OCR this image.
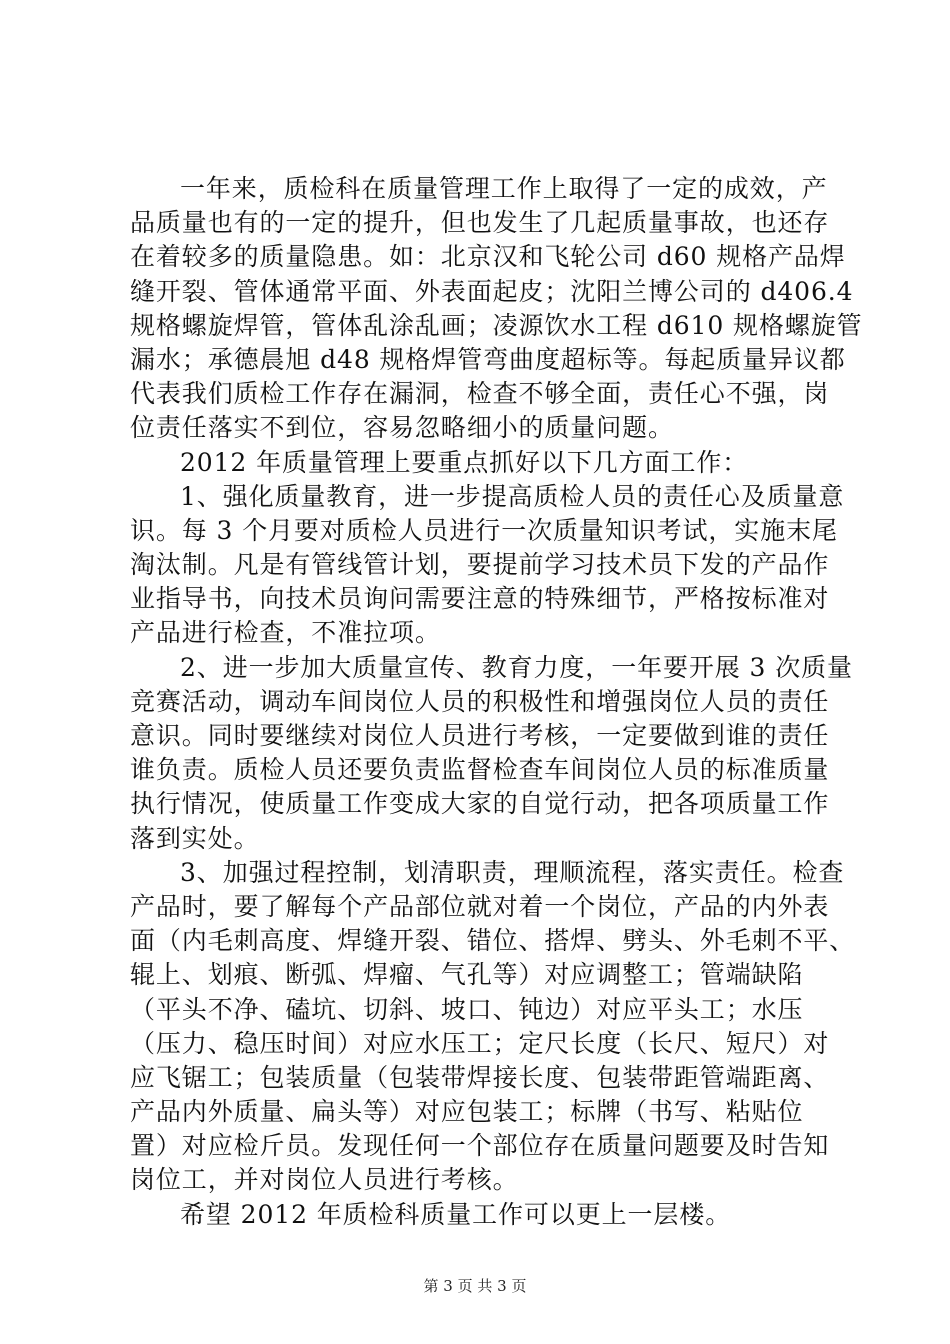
一年来，质检科在质量管理工作上取得了一定的成效，产
品质量也有的一定的提升，但也发生了几起质量事故，也还存
在着较多的质量隐患。如：北京汉和飞轮公司 d60 规格产品焊
缝开裂、管体通常平面、外表面起皮；沈阳兰博公司的 d406.4
规格螺旋焊管，管体乱涂乱画；凌源饮水工程 d610 规格螺旋管
漏水；承德晨旭 d48 规格焊管弯曲度超标等。每起质量异议都
代表我们质检工作存在漏洞，检查不够全面，责任心不强，岗
位责任落实不到位，容易忽略细小的质量问题。
2012 年质量管理上要重点抓好以下几方面工作：
1、强化质量教育，进一步提高质检人员的责任心及质量意
识。每 3 个月要对质检人员进行一次质量知识考试，实施末尾
淘汰制。凡是有管线管计划，要提前学习技术员下发的产品作
业指导书，向技术员询问需要注意的特殊细节，严格按标准对
产品进行检查，不准拉项。
2、进一步加大质量宣传、教育力度，一年要开展 3 次质量
竞赛活动，调动车间岗位人员的积极性和增强岗位人员的责任
意识。同时要继续对岗位人员进行考核，一定要做到谁的责任
谁负责。质检人员还要负责监督检查车间岗位人员的标准质量
执行情况，使质量工作变成大家的自觉行动，把各项质量工作
落到实处。
3、加强过程控制，划清职责，理顺流程，落实责任。检查
产品时，要了解每个产品部位就对着一个岗位，产品的内外表
面（内毛刺高度、焊缝开裂、错位、搭焊、劈头、外毛刺不平、
辊上、划痕、断弧、焊瘤、气孔等）对应调整工；管端缺陷
（平头不净、磕坑、切斜、坡口、钝边）对应平头工；水压
（压力、稳压时间）对应水压工；定尺长度（长尺、短尺）对
应飞锯工；包装质量（包装带焊接长度、包装带距管端距离、
产品内外质量、扁头等）对应包装工；标牌（书写、粘贴位
置）对应检斤员。发现任何一个部位存在质量问题要及时告知
岗位工，并对岗位人员进行考核。
希望 2012 年质检科质量工作可以更上一层楼。
第 3 页 共 3 页
